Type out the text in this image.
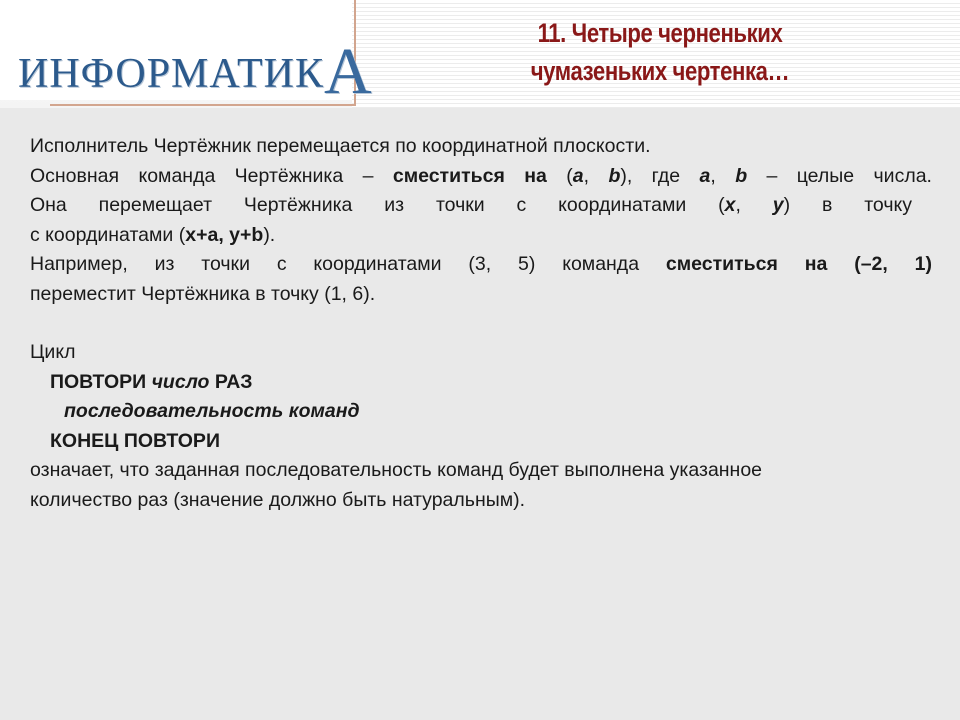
ИНФОРМАТИКА
11. Четыре черненьких
чумазеньких чертенка…
Исполнитель Чертёжник перемещается по координатной плоскости.
Основная команда Чертёжника – сместиться на (a, b), где a, b – целые числа.
Она перемещает Чертёжника из точки с координатами (x, y) в точку
с координатами (x+a, y+b).
Например, из точки с координатами (3, 5) команда сместиться на (–2, 1)
переместит Чертёжника в точку (1, 6).
Цикл
ПОВТОРИ число РАЗ
последовательность команд
КОНЕЦ ПОВТОРИ
означает, что заданная последовательность команд будет выполнена указанное
количество раз (значение должно быть натуральным).
